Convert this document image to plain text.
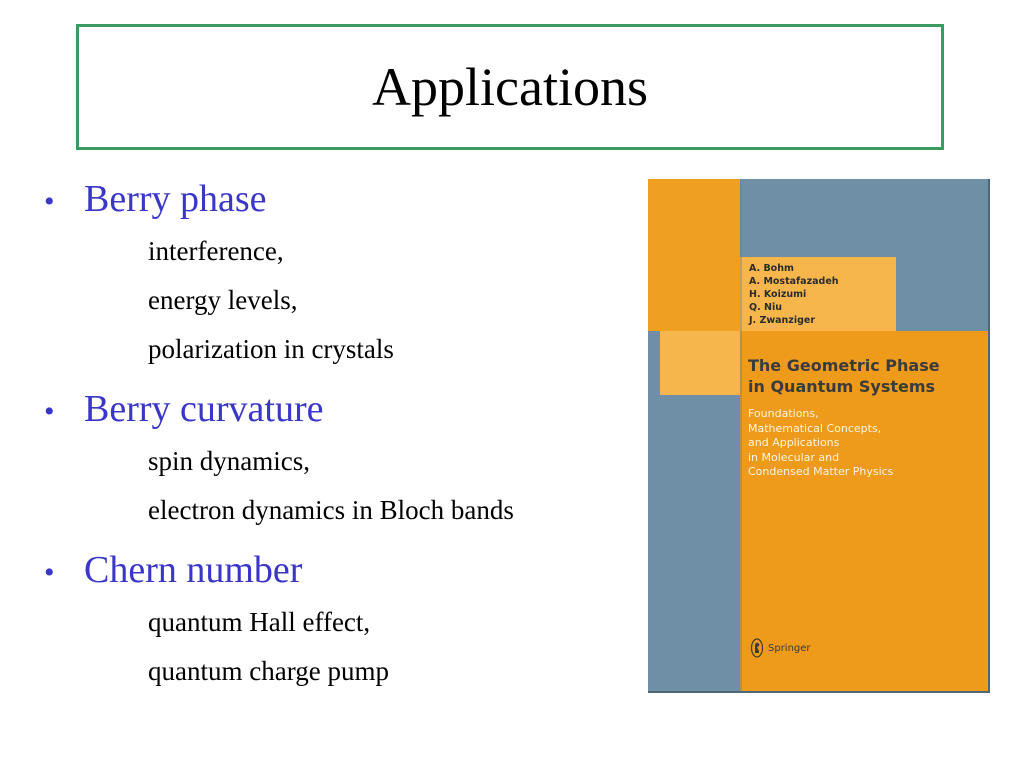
Applications
• Berry phase
interference,
energy levels,
polarization in crystals
• Berry curvature
spin dynamics,
electron dynamics in Bloch bands
• Chern number
quantum Hall effect,
quantum charge pump
A. Bohm
A. Mostafazadeh
H. Koizumi
Q. Niu
J. Zwanziger
The Geometric Phase
in Quantum Systems
Foundations,
Mathematical Concepts,
and Applications
in Molecular and
Condensed Matter Physics
Springer
